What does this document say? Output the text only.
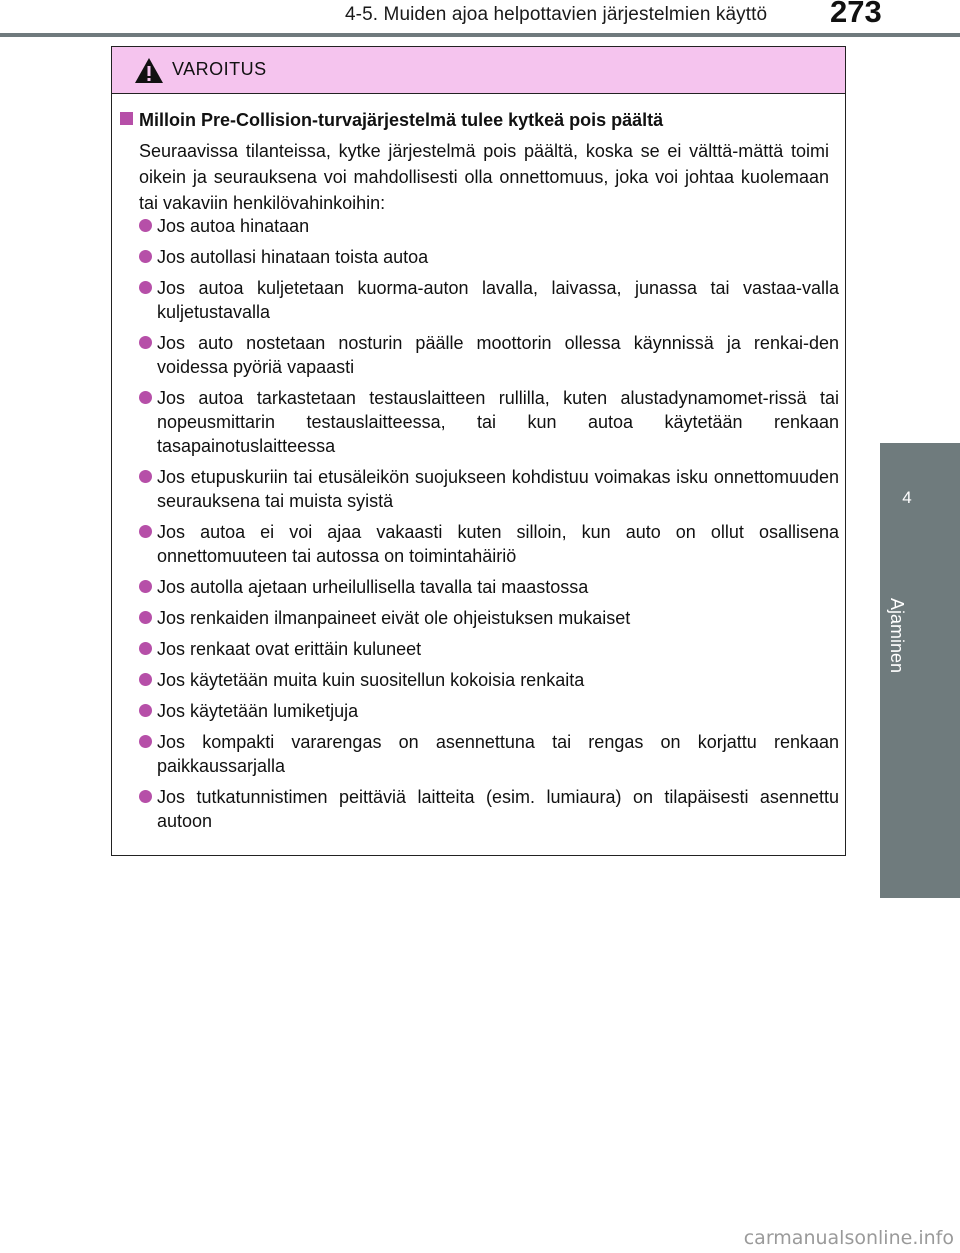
4-5. Muiden ajoa helpottavien järjestelmien käyttö 273
4
Ajaminen
VAROITUS
Milloin Pre-Collision-turvajärjestelmä tulee kytkeä pois päältä
Seuraavissa tilanteissa, kytke järjestelmä pois päältä, koska se ei välttä-mättä toimi oikein ja seurauksena voi mahdollisesti olla onnettomuus, joka voi johtaa kuolemaan tai vakaviin henkilövahinkoihin:
Jos autoa hinataan
Jos autollasi hinataan toista autoa
Jos autoa kuljetetaan kuorma-auton lavalla, laivassa, junassa tai vastaa-valla kuljetustavalla
Jos auto nostetaan nosturin päälle moottorin ollessa käynnissä ja renkai-den voidessa pyöriä vapaasti
Jos autoa tarkastetaan testauslaitteen rullilla, kuten alustadynamomet-rissä tai nopeusmittarin testauslaitteessa, tai kun autoa käytetään renkaan tasapainotuslaitteessa
Jos etupuskuriin tai etusäleikön suojukseen kohdistuu voimakas isku onnettomuuden seurauksena tai muista syistä
Jos autoa ei voi ajaa vakaasti kuten silloin, kun auto on ollut osallisena onnettomuuteen tai autossa on toimintahäiriö
Jos autolla ajetaan urheilullisella tavalla tai maastossa
Jos renkaiden ilmanpaineet eivät ole ohjeistuksen mukaiset
Jos renkaat ovat erittäin kuluneet
Jos käytetään muita kuin suositellun kokoisia renkaita
Jos käytetään lumiketjuja
Jos kompakti vararengas on asennettuna tai rengas on korjattu renkaan paikkaussarjalla
Jos tutkatunnistimen peittäviä laitteita (esim. lumiaura) on tilapäisesti asennettu autoon
carmanualsonline.info
